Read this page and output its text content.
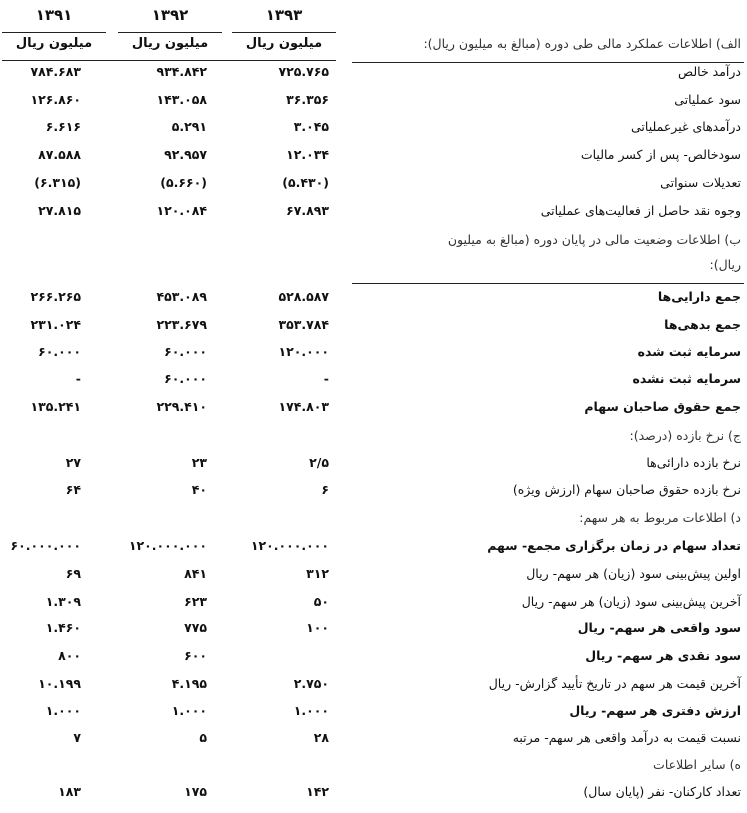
۱۳۹۳
۱۳۹۲
۱۳۹۱
میلیون ریال
میلیون ریال
میلیون ریال	الف) اطلاعات عملکرد مالی طی دوره (مبالغ به میلیون ریال):
درآمد خالص
۷۲۵.۷۶۵
۹۳۴.۸۴۲
۷۸۴.۶۸۳
سود عملیاتی
۳۶.۳۵۶
۱۴۳.۰۵۸
۱۲۶.۸۶۰
درآمدهای غیرعملیاتی
۳.۰۴۵
۵.۲۹۱
۶.۶۱۶
سودخالص- پس از کسر مالیات
۱۲.۰۳۴
۹۲.۹۵۷
۸۷.۵۸۸
تعدیلات سنواتی
(۵.۴۳۰)
(۵.۶۶۰)
(۶.۳۱۵)
وجوه نقد حاصل از فعالیت‌های عملیاتی
۶۷.۸۹۳
۱۲۰.۰۸۴
۲۷.۸۱۵
ب) اطلاعات وضعیت مالی در پایان دوره (مبالغ به میلیون
ریال):
جمع دارایی‌ها
۵۲۸.۵۸۷
۴۵۳.۰۸۹
۲۶۶.۲۶۵
جمع بدهی‌ها
۳۵۳.۷۸۴
۲۲۳.۶۷۹
۲۳۱.۰۲۴
سرمایه ثبت شده
۱۲۰.۰۰۰
۶۰.۰۰۰
۶۰.۰۰۰
سرمایه ثبت نشده
-
۶۰.۰۰۰
-
جمع حقوق صاحبان سهام
۱۷۴.۸۰۳
۲۲۹.۴۱۰
۱۳۵.۲۴۱
ج) نرخ بازده (درصد):
نرخ بازده دارائی‌ها
۲/۵
۲۳
۲۷
نرخ بازده حقوق صاحبان سهام (ارزش ویژه)
۶
۴۰
۶۴
د) اطلاعات مربوط به هر سهم:
تعداد سهام در زمان برگزاری مجمع- سهم
۱۲۰.۰۰۰.۰۰۰
۱۲۰.۰۰۰.۰۰۰
۶۰.۰۰۰.۰۰۰
اولین پیش‌بینی سود (زیان) هر سهم- ریال
۳۱۲
۸۴۱
۶۹
آخرین پیش‌بینی سود (زیان) هر سهم- ریال
۵۰
۶۲۳
۱.۳۰۹
سود واقعی هر سهم- ریال
۱۰۰
۷۷۵
۱.۴۶۰
سود نقدی هر سهم- ریال
۶۰۰
۸۰۰
آخرین قیمت هر سهم در تاریخ تأیید گزارش- ریال
۲.۷۵۰
۴.۱۹۵
۱۰.۱۹۹
ارزش دفتری هر سهم- ریال
۱.۰۰۰
۱.۰۰۰
۱.۰۰۰
نسبت قیمت به درآمد واقعی هر سهم- مرتبه
۲۸
۵
۷
ه) سایر اطلاعات
تعداد کارکنان- نفر (پایان سال)
۱۴۲
۱۷۵
۱۸۳
